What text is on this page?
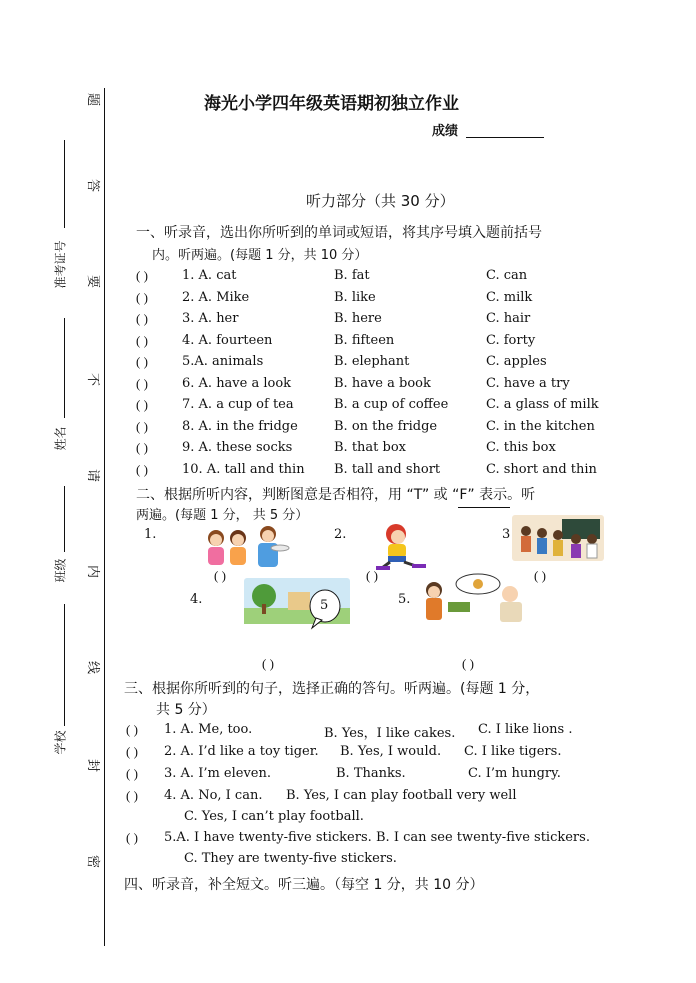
题
答
要
不
请
内
线
封
密
准考证号
姓名
班级
学校
海光小学四年级英语期初独立作业
成绩
听力部分（共 30 分）
一、听录音，选出你所听到的单词或短语，将其序号填入题前括号
内。听两遍。(每题 1 分，共 10 分）
( )	1. A. cat	B. fat	C. can
( )	2. A. Mike	B. like	C. milk
( )	3. A. her	B. here	C. hair
( )	4. A. fourteen	B. fifteen	C. forty
( )	5.A. animals	B. elephant	C. apples
( )	6. A. have a look	B. have a book	C. have a try
( )	7. A. a cup of tea	B. a cup of coffee	C. a glass of milk
( )	8. A. in the fridge	B. on the fridge	C. in the kitchen
( )	9. A. these socks	B. that box	C. this box
( )	10. A. tall and thin B. tall and short	C. short and thin
二、根据所听内容，判断图意是否相符，用 “T” 或 “F” 表示。听
两遍。(每题 1 分， 共 5 分）
1.	2.	3
4.	5.
5
( )	( )	( )
( )	( )
三、根据你所听到的句子，选择正确的答句。听两遍。(每题 1 分，
共 5 分）
( ) 1. A. Me, too.	B. Yes，I like cakes. C. I like lions .
( ) 2. A. I’d like a toy tiger. B. Yes, I would. C. I like tigers.
( ) 3. A. I’m eleven.	B. Thanks.	C. I’m hungry.
( ) 4. A. No, I can. B. Yes, I can play football very well
C. Yes, I can’t play football.
( ) 5.A. I have twenty-five stickers. B. I can see twenty-five stickers.
C. They are twenty-five stickers.
四、听录音，补全短文。听三遍。（每空 1 分，共 10 分）
